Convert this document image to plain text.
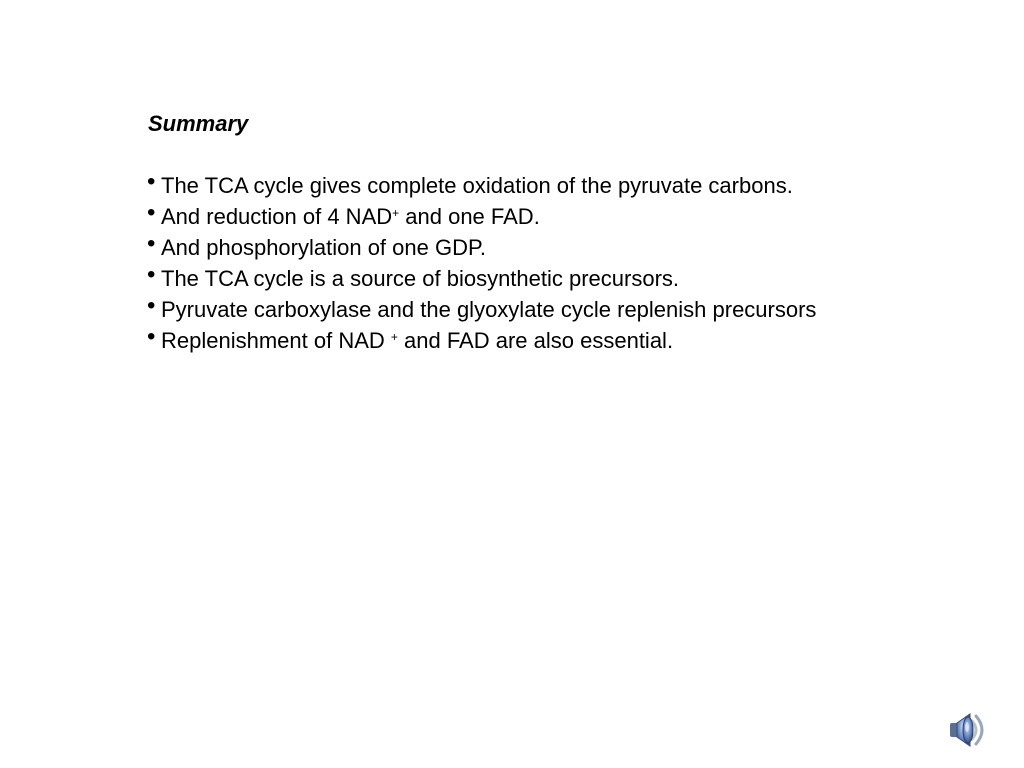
Summary
• The TCA cycle gives complete oxidation of the pyruvate carbons.
• And reduction of 4 NAD+ and one FAD.
• And phosphorylation of one GDP.
• The TCA cycle is a source of biosynthetic precursors.
• Pyruvate carboxylase and the glyoxylate cycle replenish precursors
• Replenishment of NAD + and FAD are also essential.
